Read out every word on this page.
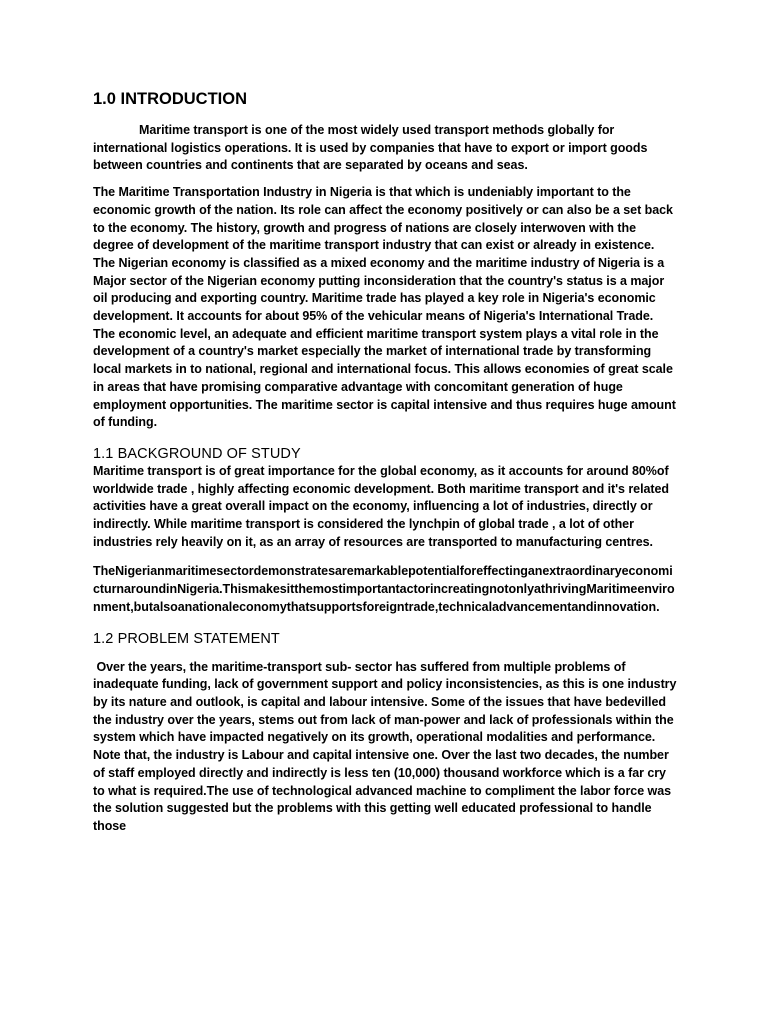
1.0 INTRODUCTION

Maritime transport is one of the most widely used transport methods globally for international logistics operations. It is used by companies that have to export or import goods between countries and continents that are separated by oceans and seas.

The Maritime Transportation Industry in Nigeria is that which is undeniably important to the economic growth of the nation. Its role can affect the economy positively or can also be a set back to the economy. The history, growth and progress of nations are closely interwoven with the degree of development of the maritime transport industry that can exist or already in existence. The Nigerian economy is classified as a mixed economy and the maritime industry of Nigeria is a Major sector of the Nigerian economy putting inconsideration that the country's status is a major oil producing and exporting country. Maritime trade has played a key role in Nigeria's economic development. It accounts for about 95% of the vehicular means of Nigeria's International Trade. The economic level, an adequate and efficient maritime transport system plays a vital role in the development of a country's market especially the market of international trade by transforming local markets in to national, regional and international focus. This allows economies of great scale in areas that have promising comparative advantage with concomitant generation of huge employment opportunities. The maritime sector is capital intensive and thus requires huge amount of funding.

1.1 BACKGROUND OF STUDY

Maritime transport is of great importance for the global economy, as it accounts for around 80%of worldwide trade , highly affecting economic development. Both maritime transport and it's related activities have a great overall impact on the economy, influencing a lot of industries, directly or indirectly. While maritime transport is considered the lynchpin of global trade , a lot of other industries rely heavily on it, as an array of resources are transported to manufacturing centres.

TheNigerianmaritimesectordemonstratesaremarkablepotentialforeffectinganextraordinaryeconomicturnaroundinNigeria.ThismakesitthemostimportantactorincreatingnotonlyathrivingMaritimeenvironment,butalsoanationaleconomythatsupportsforeigntrade,technicaladvancementandinnovation.

1.2 PROBLEM STATEMENT

Over the years, the maritime-transport sub- sector has suffered from multiple problems of inadequate funding, lack of government support and policy inconsistencies, as this is one industry by its nature and outlook, is capital and labour intensive. Some of the issues that have bedevilled the industry over the years, stems out from lack of man-power and lack of professionals within the system which have impacted negatively on its growth, operational modalities and performance. Note that, the industry is Labour and capital intensive one. Over the last two decades, the number of staff employed directly and indirectly is less ten (10,000) thousand workforce which is a far cry to what is required.The use of technological advanced machine to compliment the labor force was the solution suggested but the problems with this getting well educated professional to handle those
